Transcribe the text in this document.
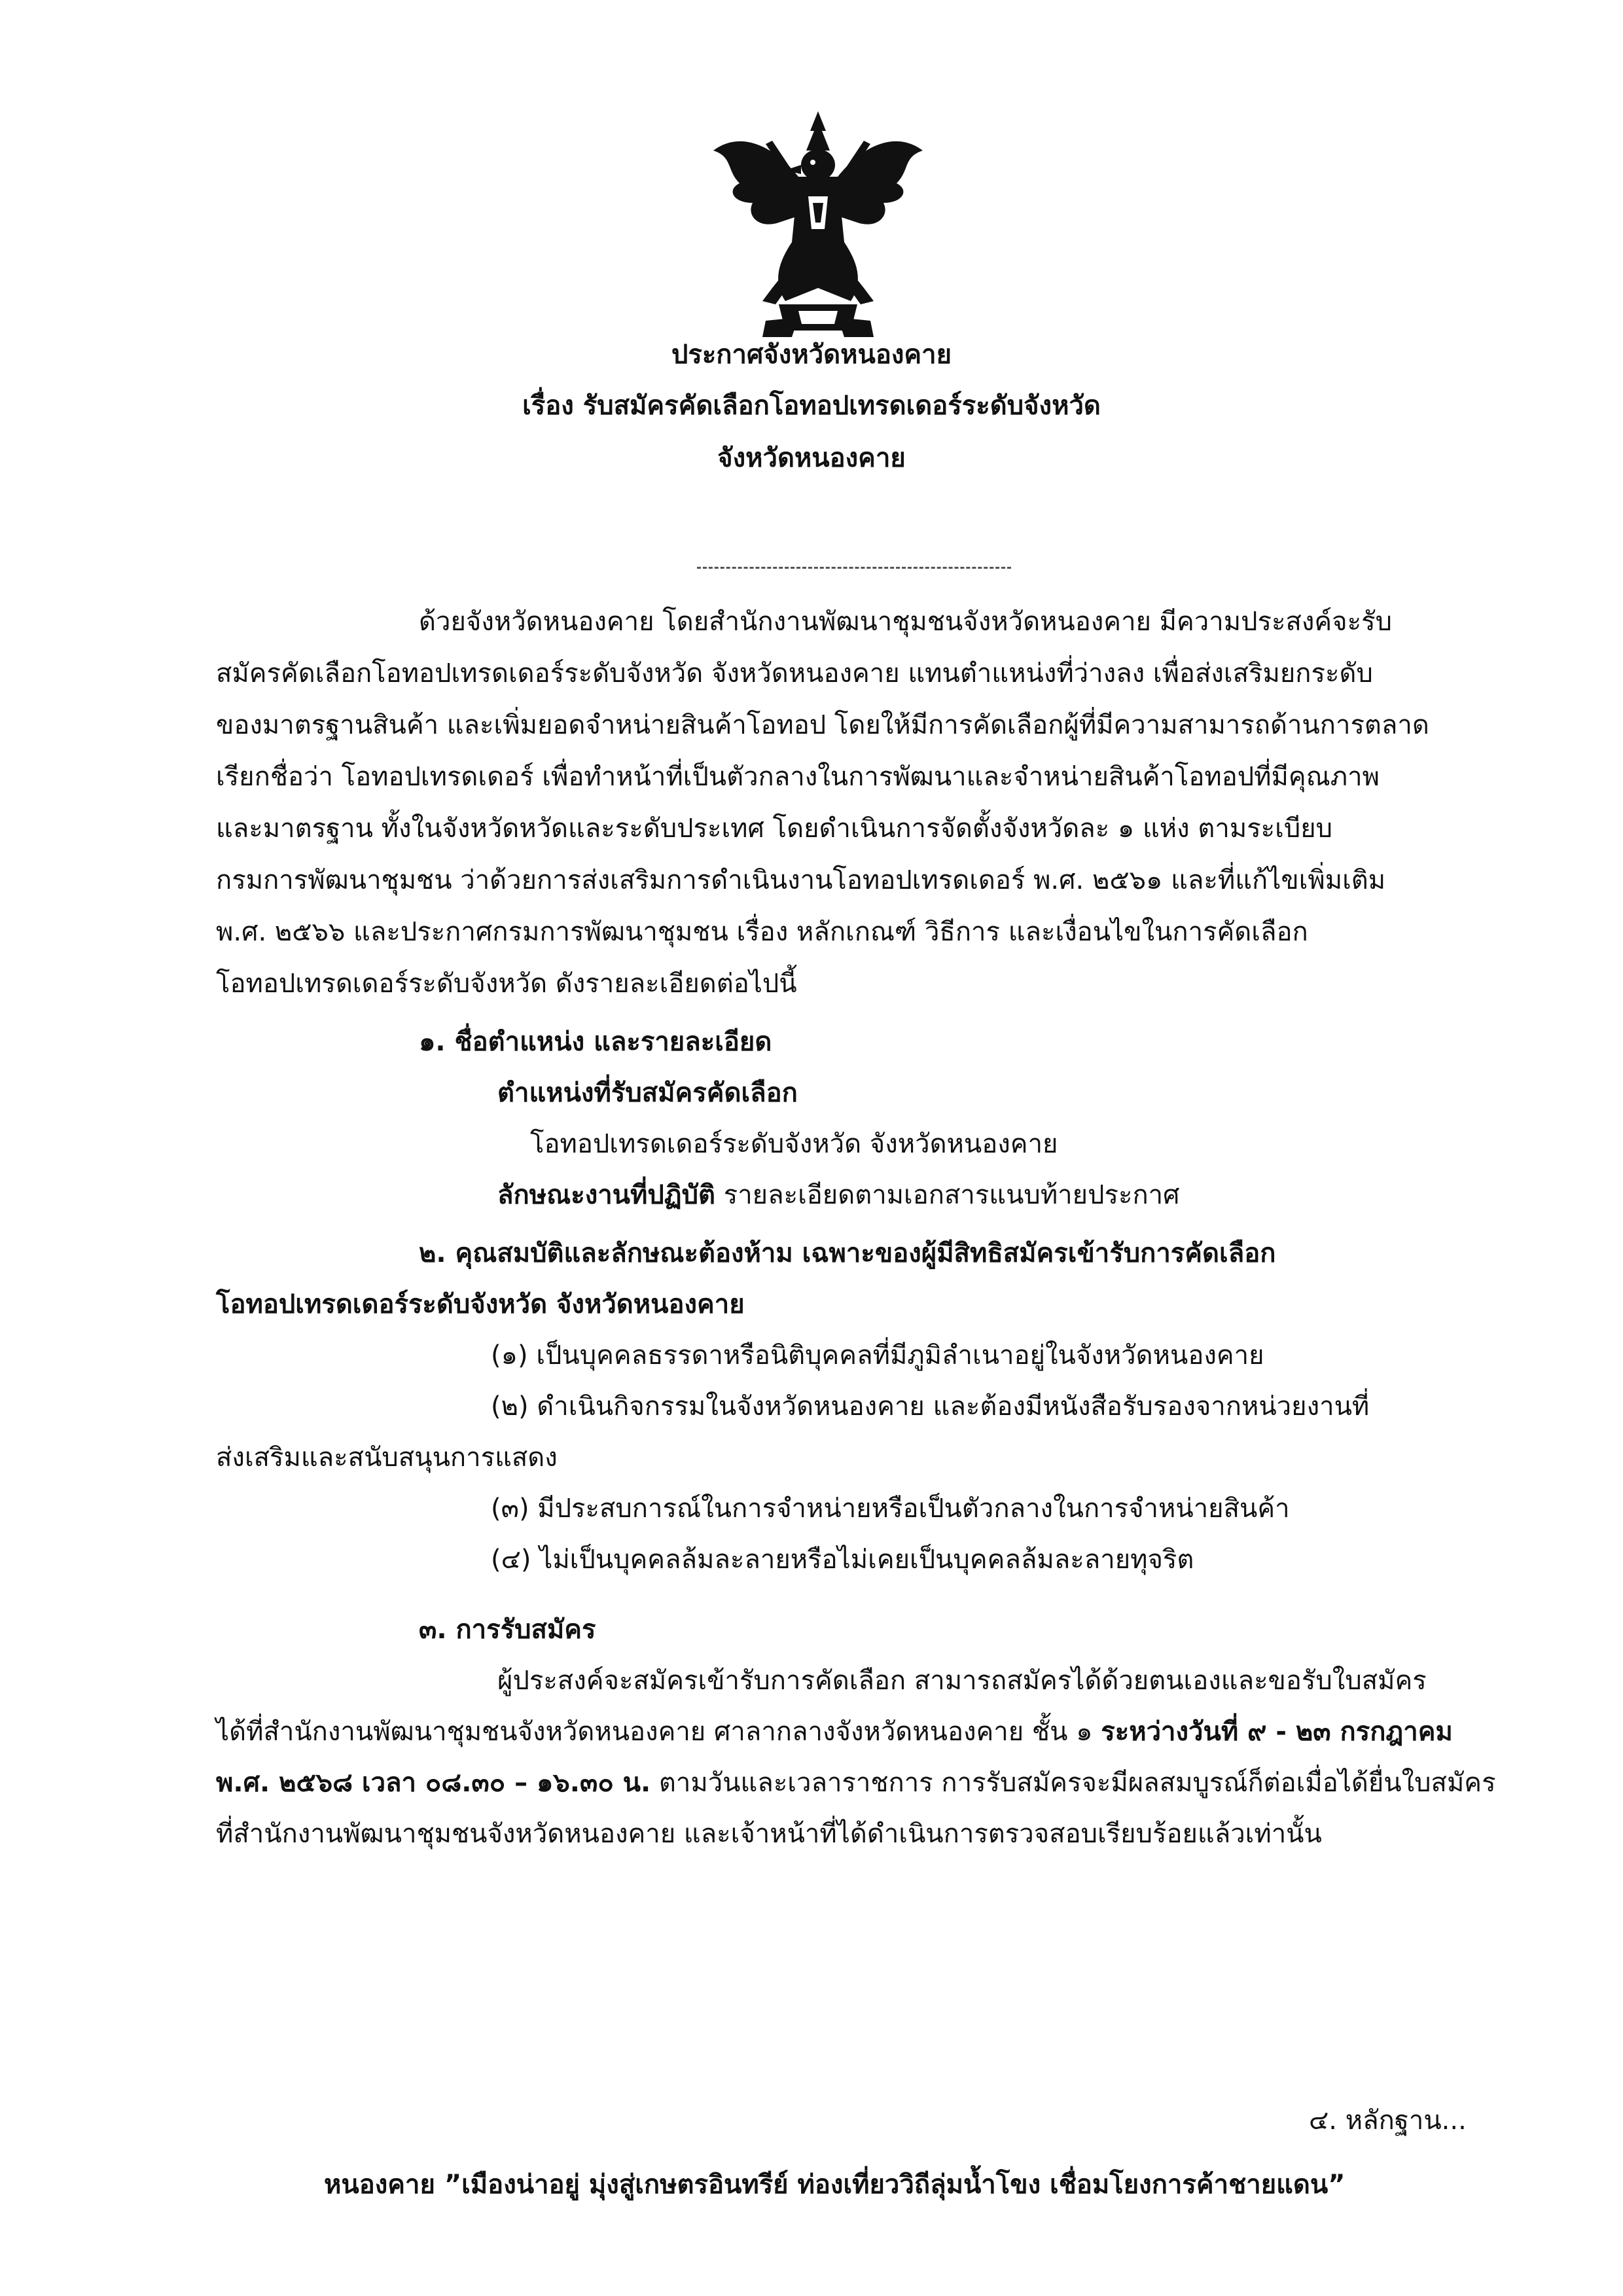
ประกาศจังหวัดหนองคาย
เรื่อง รับสมัครคัดเลือกโอทอปเทรดเดอร์ระดับจังหวัด
จังหวัดหนองคาย
ด้วยจังหวัดหนองคาย โดยสำนักงานพัฒนาชุมชนจังหวัดหนองคาย มีความประสงค์จะรับ
สมัครคัดเลือกโอทอปเทรดเดอร์ระดับจังหวัด จังหวัดหนองคาย แทนตำแหน่งที่ว่างลง เพื่อส่งเสริมยกระดับ
ของมาตรฐานสินค้า และเพิ่มยอดจำหน่ายสินค้าโอทอป โดยให้มีการคัดเลือกผู้ที่มีความสามารถด้านการตลาด
เรียกชื่อว่า โอทอปเทรดเดอร์ เพื่อทำหน้าที่เป็นตัวกลางในการพัฒนาและจำหน่ายสินค้าโอทอปที่มีคุณภาพ
และมาตรฐาน ทั้งในจังหวัดหวัดและระดับประเทศ โดยดำเนินการจัดตั้งจังหวัดละ ๑ แห่ง ตามระเบียบ
กรมการพัฒนาชุมชน ว่าด้วยการส่งเสริมการดำเนินงานโอทอปเทรดเดอร์ พ.ศ. ๒๕๖๑ และที่แก้ไขเพิ่มเติม
พ.ศ. ๒๕๖๖ และประกาศกรมการพัฒนาชุมชน เรื่อง หลักเกณฑ์ วิธีการ และเงื่อนไขในการคัดเลือก
โอทอปเทรดเดอร์ระดับจังหวัด ดังรายละเอียดต่อไปนี้
๑. ชื่อตำแหน่ง และรายละเอียด
ตำแหน่งที่รับสมัครคัดเลือก
โอทอปเทรดเดอร์ระดับจังหวัด จังหวัดหนองคาย
ลักษณะงานที่ปฏิบัติ รายละเอียดตามเอกสารแนบท้ายประกาศ
๒. คุณสมบัติและลักษณะต้องห้าม เฉพาะของผู้มีสิทธิสมัครเข้ารับการคัดเลือก
โอทอปเทรดเดอร์ระดับจังหวัด จังหวัดหนองคาย
(๑) เป็นบุคคลธรรดาหรือนิติบุคคลที่มีภูมิลำเนาอยู่ในจังหวัดหนองคาย
(๒) ดำเนินกิจกรรมในจังหวัดหนองคาย และต้องมีหนังสือรับรองจากหน่วยงานที่
ส่งเสริมและสนับสนุนการแสดง
(๓) มีประสบการณ์ในการจำหน่ายหรือเป็นตัวกลางในการจำหน่ายสินค้า
(๔) ไม่เป็นบุคคลล้มละลายหรือไม่เคยเป็นบุคคลล้มละลายทุจริต
๓. การรับสมัคร
ผู้ประสงค์จะสมัครเข้ารับการคัดเลือก สามารถสมัครได้ด้วยตนเองและขอรับใบสมัคร
ได้ที่สำนักงานพัฒนาชุมชนจังหวัดหนองคาย ศาลากลางจังหวัดหนองคาย ชั้น ๑ ระหว่างวันที่ ๙ - ๒๓ กรกฎาคม
พ.ศ. ๒๕๖๘ เวลา ๐๘.๓๐ – ๑๖.๓๐ น. ตามวันและเวลาราชการ การรับสมัครจะมีผลสมบูรณ์ก็ต่อเมื่อได้ยื่นใบสมัคร
ที่สำนักงานพัฒนาชุมชนจังหวัดหนองคาย และเจ้าหน้าที่ได้ดำเนินการตรวจสอบเรียบร้อยแล้วเท่านั้น
๔. หลักฐาน...
หนองคาย ”เมืองน่าอยู่ มุ่งสู่เกษตรอินทรีย์ ท่องเที่ยววิถีลุ่มน้ำโขง เชื่อมโยงการค้าชายแดน”
